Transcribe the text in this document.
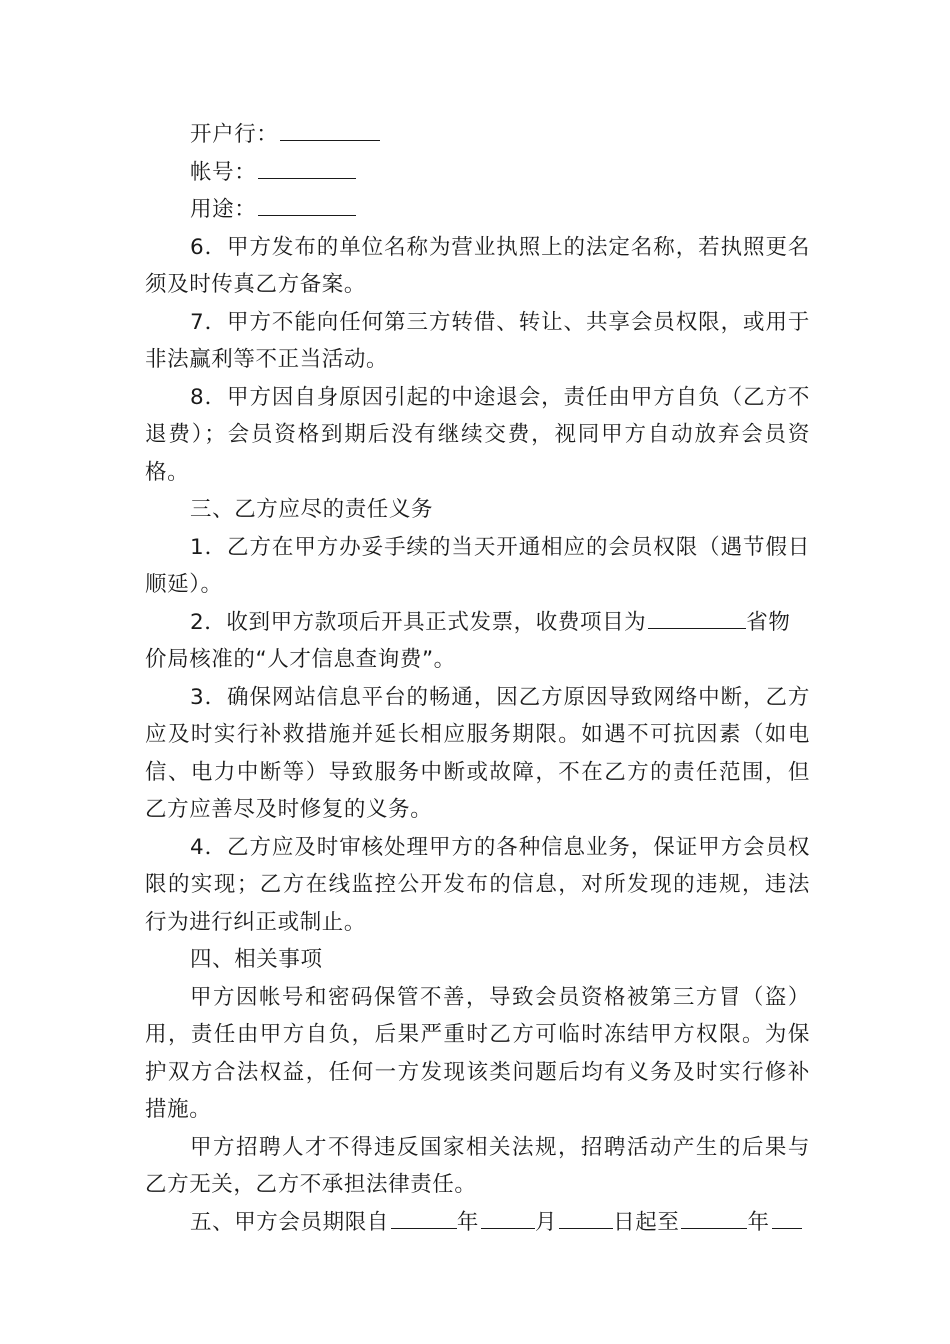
开户行：
帐号：
用途：
6．甲方发布的单位名称为营业执照上的法定名称，若执照更名
须及时传真乙方备案。
7．甲方不能向任何第三方转借、转让、共享会员权限，或用于
非法赢利等不正当活动。
8．甲方因自身原因引起的中途退会，责任由甲方自负（乙方不
退费）；会员资格到期后没有继续交费，视同甲方自动放弃会员资
格。
三、乙方应尽的责任义务
1．乙方在甲方办妥手续的当天开通相应的会员权限（遇节假日
顺延）。
2．收到甲方款项后开具正式发票，收费项目为	省物
价局核准的“人才信息查询费”。
3．确保网站信息平台的畅通，因乙方原因导致网络中断，乙方
应及时实行补救措施并延长相应服务期限。如遇不可抗因素（如电
信、电力中断等）导致服务中断或故障，不在乙方的责任范围，但
乙方应善尽及时修复的义务。
4．乙方应及时审核处理甲方的各种信息业务，保证甲方会员权
限的实现；乙方在线监控公开发布的信息，对所发现的违规，违法
行为进行纠正或制止。
四、相关事项
甲方因帐号和密码保管不善，导致会员资格被第三方冒（盗）
用，责任由甲方自负，后果严重时乙方可临时冻结甲方权限。为保
护双方合法权益，任何一方发现该类问题后均有义务及时实行修补
措施。
甲方招聘人才不得违反国家相关法规，招聘活动产生的后果与
乙方无关，乙方不承担法律责任。
五、甲方会员期限自	年	月	日起至	年
